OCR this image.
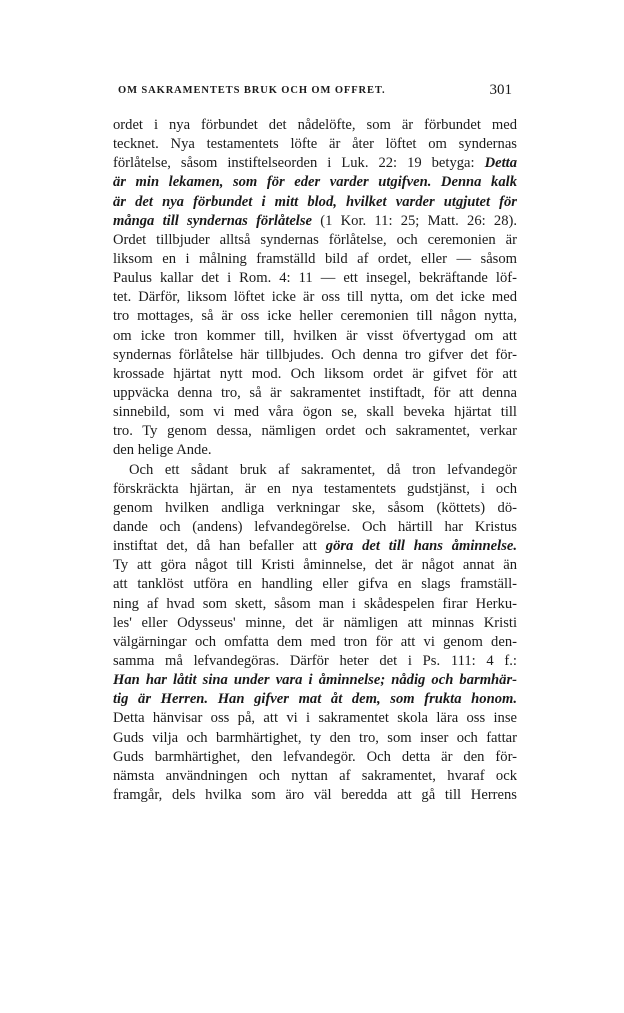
OM SAKRAMENTETS BRUK OCH OM OFFRET.	301
ordet i nya förbundet det nådelöfte, som är förbundet med
tecknet. Nya testamentets löfte är åter löftet om syndernas
förlåtelse, såsom instiftelseorden i Luk. 22: 19 betyga: Detta
är min lekamen, som för eder varder utgifven. Denna kalk
är det nya förbundet i mitt blod, hvilket varder utgjutet för
många till syndernas förlåtelse (1 Kor. 11: 25; Matt. 26: 28).
Ordet tillbjuder alltså syndernas förlåtelse, och ceremonien är
liksom en i målning framställd bild af ordet, eller — såsom
Paulus kallar det i Rom. 4: 11 — ett insegel, bekräftande löf-
tet. Därför, liksom löftet icke är oss till nytta, om det icke med
tro mottages, så är oss icke heller ceremonien till någon nytta,
om icke tron kommer till, hvilken är visst öfvertygad om att
syndernas förlåtelse här tillbjudes. Och denna tro gifver det för-
krossade hjärtat nytt mod. Och liksom ordet är gifvet för att
uppväcka denna tro, så är sakramentet instiftadt, för att denna
sinnebild, som vi med våra ögon se, skall beveka hjärtat till
tro. Ty genom dessa, nämligen ordet och sakramentet, verkar
den helige Ande.
Och ett sådant bruk af sakramentet, då tron lefvandegör
förskräckta hjärtan, är en nya testamentets gudstjänst, i och
genom hvilken andliga verkningar ske, såsom (köttets) dö-
dande och (andens) lefvandegörelse. Och härtill har Kristus
instiftat det, då han befaller att göra det till hans åminnelse.
Ty att göra något till Kristi åminnelse, det är något annat än
att tanklöst utföra en handling eller gifva en slags framställ-
ning af hvad som skett, såsom man i skådespelen firar Herku-
les' eller Odysseus' minne, det är nämligen att minnas Kristi
välgärningar och omfatta dem med tron för att vi genom den-
samma må lefvandegöras. Därför heter det i Ps. 111: 4 f.:
Han har låtit sina under vara i åminnelse; nådig och barmhär-
tig är Herren. Han gifver mat åt dem, som frukta honom.
Detta hänvisar oss på, att vi i sakramentet skola lära oss inse
Guds vilja och barmhärtighet, ty den tro, som inser och fattar
Guds barmhärtighet, den lefvandegör. Och detta är den för-
nämsta användningen och nyttan af sakramentet, hvaraf ock
framgår, dels hvilka som äro väl beredda att gå till Herrens
